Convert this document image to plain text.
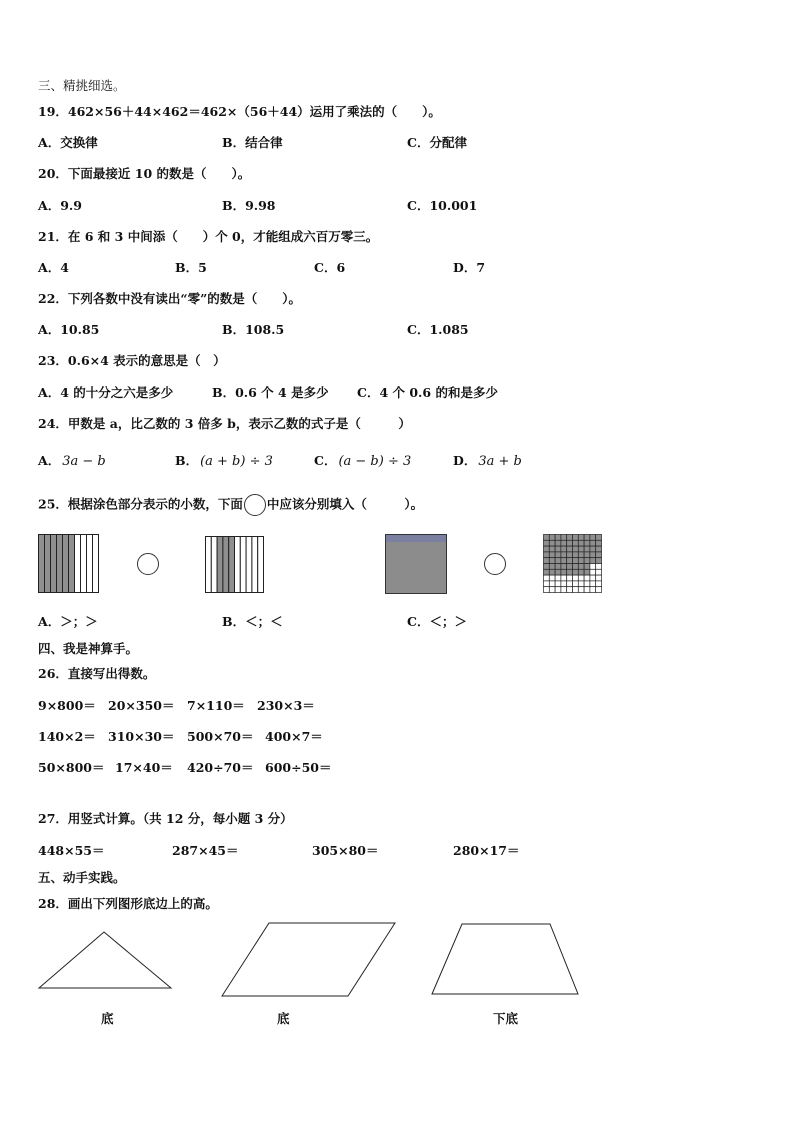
三、精挑细选。
19．462×56＋44×462＝462×（56＋44）运用了乘法的（　　）。
A．交换律	B．结合律	C．分配律
20．下面最接近 10 的数是（　　）。
A．9.9	B．9.98	C．10.001
21．在 6 和 3 中间添（　　）个 0，才能组成六百万零三。
A．4	B．5	C．6	D．7
22．下列各数中没有读出“零”的数是（　　）。
A．10.85	B．108.5	C．1.085
23．0.6×4 表示的意思是（　）
A．4 的十分之六是多少	B．0.6 个 4 是多少 C．4 个 0.6 的和是多少
24．甲数是 a，比乙数的 3 倍多 b，表示乙数的式子是（　　　）
A． 3a − b	B． (a + b) ÷ 3	C． (a − b) ÷ 3	D． 3a + b
25．根据涂色部分表示的小数，下面 中应该分别填入（　　　）。
A．＞；＞	B．＜；＜	C．＜；＞
四、我是神算手。
26．直接写出得数。
9×800＝ 20×350＝ 7×110＝ 230×3＝
140×2＝ 310×30＝ 500×70＝ 400×7＝
50×800＝ 17×40＝ 420÷70＝ 600÷50＝
27．用竖式计算。（共 12 分，每小题 3 分）
448×55＝	287×45＝	305×80＝	280×17＝
五、动手实践。
28．画出下列图形底边上的高。
底	底	下底
